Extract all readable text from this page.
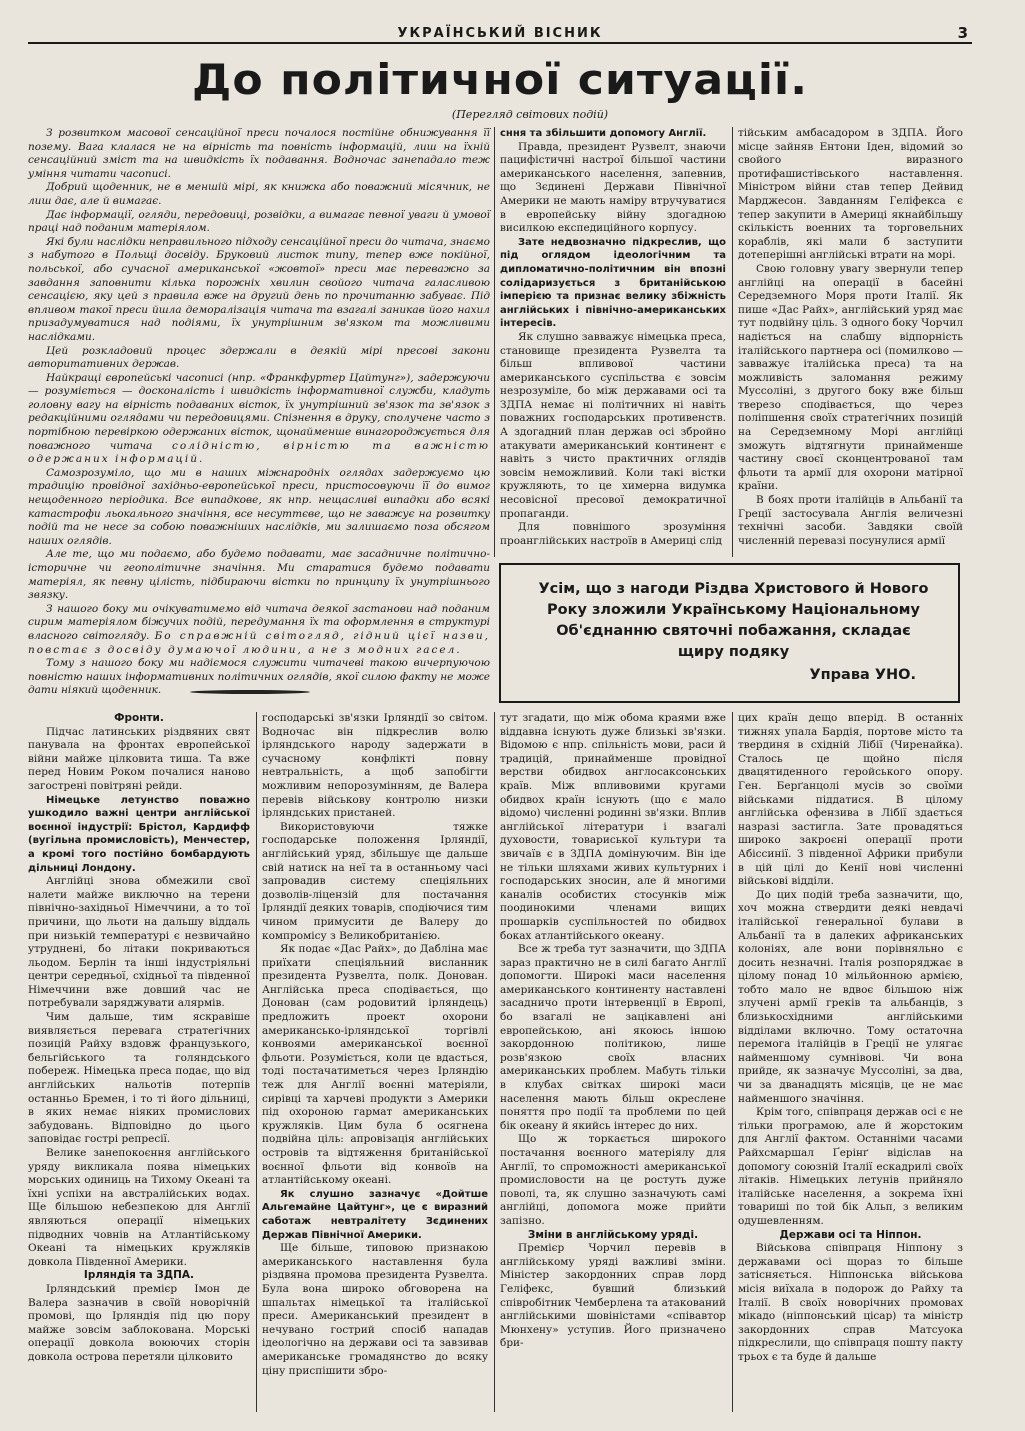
УКРАЇНСЬКИЙ ВІСНИК	3
До політичної ситуації.
(Перегляд світових подій)

З розвитком масової сенсаційної преси почалося постійне обнижування її позему. Вага клалася не на вірність та повність інформацій, лиш на їхній сенсаційний зміст та на швидкість їх подавання. Водночас занепадало теж уміння читати часописі.

Добрий щоденник, не в меншій мірі, як книжка або поважний місячник, не лиш дає, але й вимагає.

Дає інформації, огляди, передовиці, розвідки, а вимагає певної уваги й умової праці над поданим матеріялом.

Які були наслідки неправильного підходу сенсаційної преси до читача, знаємо з набутого в Польщі досвіду. Бруковий листок типу, тепер вже покійної, польської, або сучасної американської «жовтої» преси має переважно за завдання заповнити кілька порожніх хвилин свойого читача галасливою сенсацією, яку цей з правила вже на другий день по прочитанню забуває. Під впливом такої преси йшла деморалізація читача та взагалі заникав його нахил призадумуватися над подіями, їх унутрішним зв'язком та можливими наслідками.

Цей розкладовий процес здержали в деякій мірі пресові закони авторитативних держав.

Найкращі європейські часописі (нпр. «Франкфуртер Цайтунг»), задержуючи — розуміється — досконалість і швидкість інформативної служби, кладуть головну вагу на вірність подаваних вісток, їх унутрішний зв'язок та зв'язок з редакційними оглядами чи передовицями. Спізнення в друку, сполучене часто з портібною перевіркою одержаних вісток, щонайменше винагороджується для поважного читача солідністю, вірністю та важністю одержаних інформацій.

Самозрозуміло, що ми в наших міжнародніх оглядах задержуємо цю традицію провідної західньо-европейської преси, пристосовуючи її до вимог нещоденного періодика. Все випадкове, як нпр. нещасливі випадки або всякі катастрофи льокального значіння, все несуттєве, що не заважує на розвитку подій та не несе за собою поважніших наслідків, ми залишаємо поза обсягом наших оглядів.

Але те, що ми подаємо, або будемо подавати, має засадничне політично-історичне чи геополітичне значіння. Ми старатися будемо подавати матеріял, як певну цілість, підбираючи вістки по принципу їх унутрішнього звязку.

З нашого боку ми очікуватимемо від читача деякої застанови над поданим сирим матеріялом біжучих подій, передумання їх та оформлення в структурі власного світогляду. Бо справжній світогляд, гідний цієї назви, повстає з досвіду думаючої людини, а не з модних гасел.

Тому з нашого боку ми надіємося служити читачеві такою вичерпуючою повністю наших інформативних політичних оглядів, якої силою факту не може дати ніякий щоденник.

сння та збільшити допомогу Англії.

Правда, президент Рузвелт, знаючи пацифістичні настрої більшої частини американського населення, запевнив, що Зєдинені Держави Північної Америки не мають наміру втручуватися в европейську війну здогадною висилкою експедиційного корпусу.

Зате недвозначно підкреслив, що під оглядом ідеологічним та дипломатично-політичним він впозні солідаризується з британійською імперією та признає велику збіжність англійських і північно-американських інтересів.

Як слушно завважує німецька преса, становище президента Рузвелта та більш впливової частини американського суспільства є зовсім незрозуміле, бо між державами осі та ЗДПА немає ні політичних ні навіть поважних господарських противенств. А здогадний план держав осі збройно атакувати американський континент є навіть з чисто практичних оглядів зовсім неможливий. Коли такі вістки кружляють, то це химерна видумка несовісної пресової демократичної пропаганди.

Для повнішого зрозуміння проанглійських настроїв в Америці слід

тійським амбасадором в ЗДПА. Його місце зайняв Ентони Іден, відомий зо свойого виразного протифашистівського наставлення. Міністром війни став тепер Дейвид Марджесон. Завданням Геліфекса є тепер закупити в Америці якнайбільшу скількість военних та торговельних кораблів, які мали б заступити дотеперішні англійські втрати на морі.

Свою головну увагу звернули тепер англійці на операції в басейні Середземного Моря проти Італії. Як пише «Дас Райх», англійський уряд має тут подвійну ціль. З одного боку Чорчил надіється на слабшу відпорність італійського партнера осі (помилково — завважує італійська преса) та на можливість заломання режиму Муссоліні, з другого боку вже більш тверезо сподівається, що через поліпшення своїх стратегічних позицій на Середземному Морі англійці зможуть відтягнути принайменше частину своєї сконцентрованої там фльоти та армії для охорони матірної країни.

В боях проти італійців в Альбанії та Греції застосувала Англія величезні технічні засоби. Завдяки своїй численній перевазі посунулися армії

Усім, що з нагоди Різдва Христового й Нового Року зложили Українському Національному Об'єднанню святочні побажання, складає щиру подяку
Управа УНО.

Фронти.

Підчас латинських різдвяних свят панувала на фронтах европейської війни майже цілковита тишa. Та вже перед Новим Роком почалися наново загострені повітряні рейди.

Німецьке летунство поважно ушкодило важні центри англійської воєнної індустрії: Брістол, Кардифф (вугільна промисловість), Менчестер, а кромі того постійно бомбардують дільниці Лондону.

Англійці знова обмежили свої налети майже виключно на терени північно-західньої Німеччини, а то тої причини, що льоти на дальшу віддаль при низькій температурі є незвичайно утруднені, бо літаки покриваються льодом. Берлін та інші індустріяльні центри середньої, східньої та південної Німеччини вже довший час не потребували заряджувати алярмів.

Чим дальше, тим яскравіше виявляється перевага стратегічних позицій Райху вздовж французького, бельгійського та голяндського побереж. Німецька преса подає, що від англійських нальотів потерпів останньо Бремен, і то ті його дільниці, в яких немає ніяких промислових забудовань. Відповідно до цього заповідає гострі репресії.

Велике занепокоєння англійського уряду викликала поява німецьких морських одиниць на Тихому Океані та їхні успіхи на австралійських водах. Ще більшою небезпекою для Англії являються операції німецьких підводних човнів на Атлантійському Океані та німецьких кружляків довкола Південної Америки.

Ірляндія та ЗДПА.

Ірляндський премієр Імон де Валера зазначив в своїй новорічній промові, що Ірляндія під цю пору майже зовсім заблокована. Морські операції довкола воюючих сторін довкола острова перетяли цілковито

господарські зв'язки Ірляндії зо світом. Водночас він підкреслив волю ірляндського народу задержати в сучасному конфлікті повну невтральність, а щоб запобігти можливим непорозумінням, де Валера перевів військову контролю низки ірляндських пристаней.

Використовуючи тяжке господарське положення Ірляндії, англійський уряд, збільшує ще дальше свій натиск на неї та в останньому часі запровадив систему спеціяльних дозволів-ліцензій для постачання Ірляндії деяких товарів, сподіючися тим чином примусити де Валеру до компромісу з Великобританією.

Як подає «Дас Райх», до Дабліна має приїхати спеціяльний висланник президента Рузвелта, полк. Донован. Англійська преса сподівається, що Донован (сам родовитий ірляндець) предложить проект охорони американсько-ірляндської торгівлі конвоями американської воєнної фльоти. Розуміється, коли це вдасться, тоді постачатиметься через Ірляндію теж для Англії воєнні матеріяли, сирівці та харчеві продукти з Америки під охороною гармат американських кружляків. Цим була б осягнена подвійна ціль: апровізація англійських островів та відтяження британійської воєнної фльоти від конвоїв на атлантійському океані.

Як слушно зазначує «Дойтше Альгемайне Цайтунг», це є виразний саботаж невтралітету Зєдинених Держав Північної Америки.

Ще більше, типовою признакою американського наставлення була різдвяна промова президента Рузвелта. Була вона широко обговорена на шпальтах німецької та італійської преси. Американський президент в нечувано гострий спосіб нападав ідеологічно на держави осі та завзивав американське громадянство до всяку ціну приспішити збро-

тут згадати, що між обома краями вже віддавна існують дуже близькі зв'язки. Відомою є нпр. спільність мови, раси й традицій, принайменше провідної верстви обидвох англосаксонських країв. Між впливовими кругами обидвох країн існують (що є мало відомо) численні родинні зв'язки. Вплив англійської літератури і взагалі духовости, товариської культури та звичаїв є в ЗДПА домінуючим. Він іде не тільки шляхами живих культурних і господарських зносин, але й многими каналів особистих стосунків між поодинокими членами вищих прошарків суспільностей по обидвох боках атлантійського океану.

Все ж треба тут зазначити, що ЗДПА зараз практично не в силі багато Англії допомогти. Широкі маси населення американського континенту наставлені засадничо проти інтервенції в Европі, бо взагалі не зацікавлені ані европейською, ані якоюсь іншою закордонною політикою, лише розв'язкою своїх власних американських проблем. Мабуть тільки в клубах світках широкі маси населення мають більш окреслене поняття про події та проблеми по цей бік океану й якийсь інтерес до них.

Що ж торкається широкого постачання воєнного матеріялу для Англії, то спроможності американської промисловости на це ростуть дуже поволі, та, як слушно зазначують самі англійці, допомога може прийти запізно.

Зміни в англійському уряді.

Премієр Чорчил перевів в англійському уряді важливі зміни. Міністер закордонних справ лорд Геліфекс, бувший близький співробітник Чемберлена та атакований англійськими шовіністами «співавтор Мюнхену» уступив. Його призначено бри-

цих країн дещо вперід. В останніх тижнях упала Бардія, портове місто та твердиня в східній Лібії (Чиренайка). Сталось це щойно після двацятиденного геройського опору. Ген. Берґанцолі мусів зо своїми військами піддатися. В цілому англійська офензива в Лібії здається назразі застигла. Зате провадяться широко закроєні операції проти Абіссинії. З південної Африки прибули в цій цілі до Кенії нові численні військові відділи.

До цих подій треба зазначити, що, хоч можна ствердити деякі невдачі італійської генеральної булави в Альбанії та в далеких африканських колоніях, але вони порівняльно є досить незначні. Італія розпоряджає в цілому понад 10 мільйонною армією, тобто мало не вдвоє більшою ніж злучені армії греків та альбанців, з близькосхідними англійськими відділами включно. Тому остаточна перемога італійців в Греції не улягає найменшому сумнівові. Чи вона прийде, як зазначує Муссоліні, за два, чи за дванадцять місяців, це не має найменшого значіння.

Крім того, співпраця держав осі є не тільки програмою, але й жорстоким для Англії фактом. Останніми часами Райхсмаршал Ґерінґ відіслав на допомогу союзній Італії ескадрилі своїх літаків. Німецьких летунів прийняло італійське населення, а зокрема їхні товариші по той бік Альп, з великим одушевленням.

Держави осі та Ніппон.

Військова співпраця Ніппону з державами осі щораз то більше затісняється. Ніппонська військова місія виїхала в подорож до Райху та Італії. В своїх новорічних промовах мікадо (ніппонський цісар) та міністр закордонних справ Матсуока підкреслили, що співпраця пошту пакту трьох є та буде й дальше
